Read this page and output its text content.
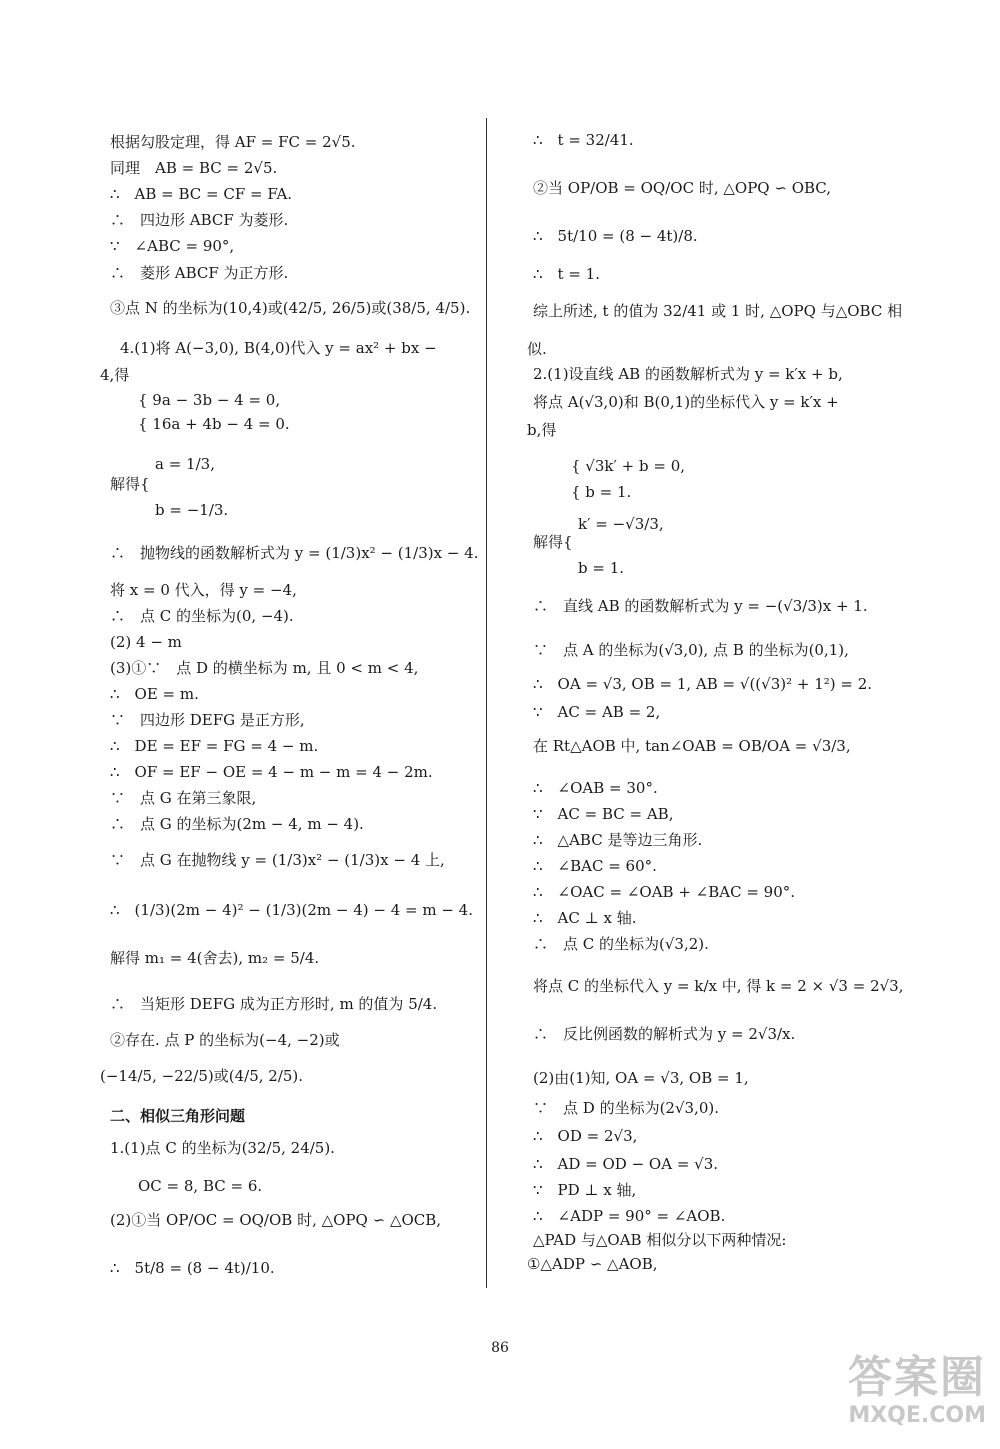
根据勾股定理，得 AF = FC = 2√5.
同理　AB = BC = 2√5.
∴　AB = BC = CF = FA.
∴　四边形 ABCF 为菱形.
∵　∠ABC = 90°,
∴　菱形 ABCF 为正方形.
③点 N 的坐标为(10,4)或(42/5, 26/5)或(38/5, 4/5).
4.(1)将 A(−3,0), B(4,0)代入 y = ax² + bx −
4,得
{ 9a − 3b − 4 = 0,
{ 16a + 4b − 4 = 0.
　　　a = 1/3,
解得{
　　　b = −1/3.
∴　抛物线的函数解析式为 y = (1/3)x² − (1/3)x − 4.
将 x = 0 代入，得 y = −4,
∴　点 C 的坐标为(0, −4).
(2) 4 − m
(3)①∵　点 D 的横坐标为 m, 且 0 < m < 4,
∴　OE = m.
∵　四边形 DEFG 是正方形,
∴　DE = EF = FG = 4 − m.
∴　OF = EF − OE = 4 − m − m = 4 − 2m.
∵　点 G 在第三象限,
∴　点 G 的坐标为(2m − 4, m − 4).
∵　点 G 在抛物线 y = (1/3)x² − (1/3)x − 4 上,
∴　(1/3)(2m − 4)² − (1/3)(2m − 4) − 4 = m − 4.
解得 m₁ = 4(舍去), m₂ = 5/4.
∴　当矩形 DEFG 成为正方形时, m 的值为 5/4.
②存在. 点 P 的坐标为(−4, −2)或
(−14/5, −22/5)或(4/5, 2/5).
二、相似三角形问题
1.(1)点 C 的坐标为(32/5, 24/5).
OC = 8, BC = 6.
(2)①当 OP/OC = OQ/OB 时, △OPQ ∽ △OCB,
∴　5t/8 = (8 − 4t)/10.
∴　t = 32/41.
②当 OP/OB = OQ/OC 时, △OPQ ∽ OBC,
∴　5t/10 = (8 − 4t)/8.
∴　t = 1.
综上所述, t 的值为 32/41 或 1 时, △OPQ 与△OBC 相
似.
2.(1)设直线 AB 的函数解析式为 y = k′x + b,
将点 A(√3,0)和 B(0,1)的坐标代入 y = k′x +
b,得
{ √3k′ + b = 0,
{ b = 1.
　　　k′ = −√3/3,
解得{
　　　b = 1.
∴　直线 AB 的函数解析式为 y = −(√3/3)x + 1.
∵　点 A 的坐标为(√3,0), 点 B 的坐标为(0,1),
∴　OA = √3, OB = 1, AB = √((√3)² + 1²) = 2.
∵　AC = AB = 2,
在 Rt△AOB 中, tan∠OAB = OB/OA = √3/3,
∴　∠OAB = 30°.
∵　AC = BC = AB,
∴　△ABC 是等边三角形.
∴　∠BAC = 60°.
∴　∠OAC = ∠OAB + ∠BAC = 90°.
∴　AC ⊥ x 轴.
∴　点 C 的坐标为(√3,2).
将点 C 的坐标代入 y = k/x 中, 得 k = 2 × √3 = 2√3,
∴　反比例函数的解析式为 y = 2√3/x.
(2)由(1)知, OA = √3, OB = 1,
∵　点 D 的坐标为(2√3,0).
∴　OD = 2√3,
∴　AD = OD − OA = √3.
∵　PD ⊥ x 轴,
∴　∠ADP = 90° = ∠AOB.
△PAD 与△OAB 相似分以下两种情况:
①△ADP ∽ △AOB,
86
答案圈
MXQE.COM
